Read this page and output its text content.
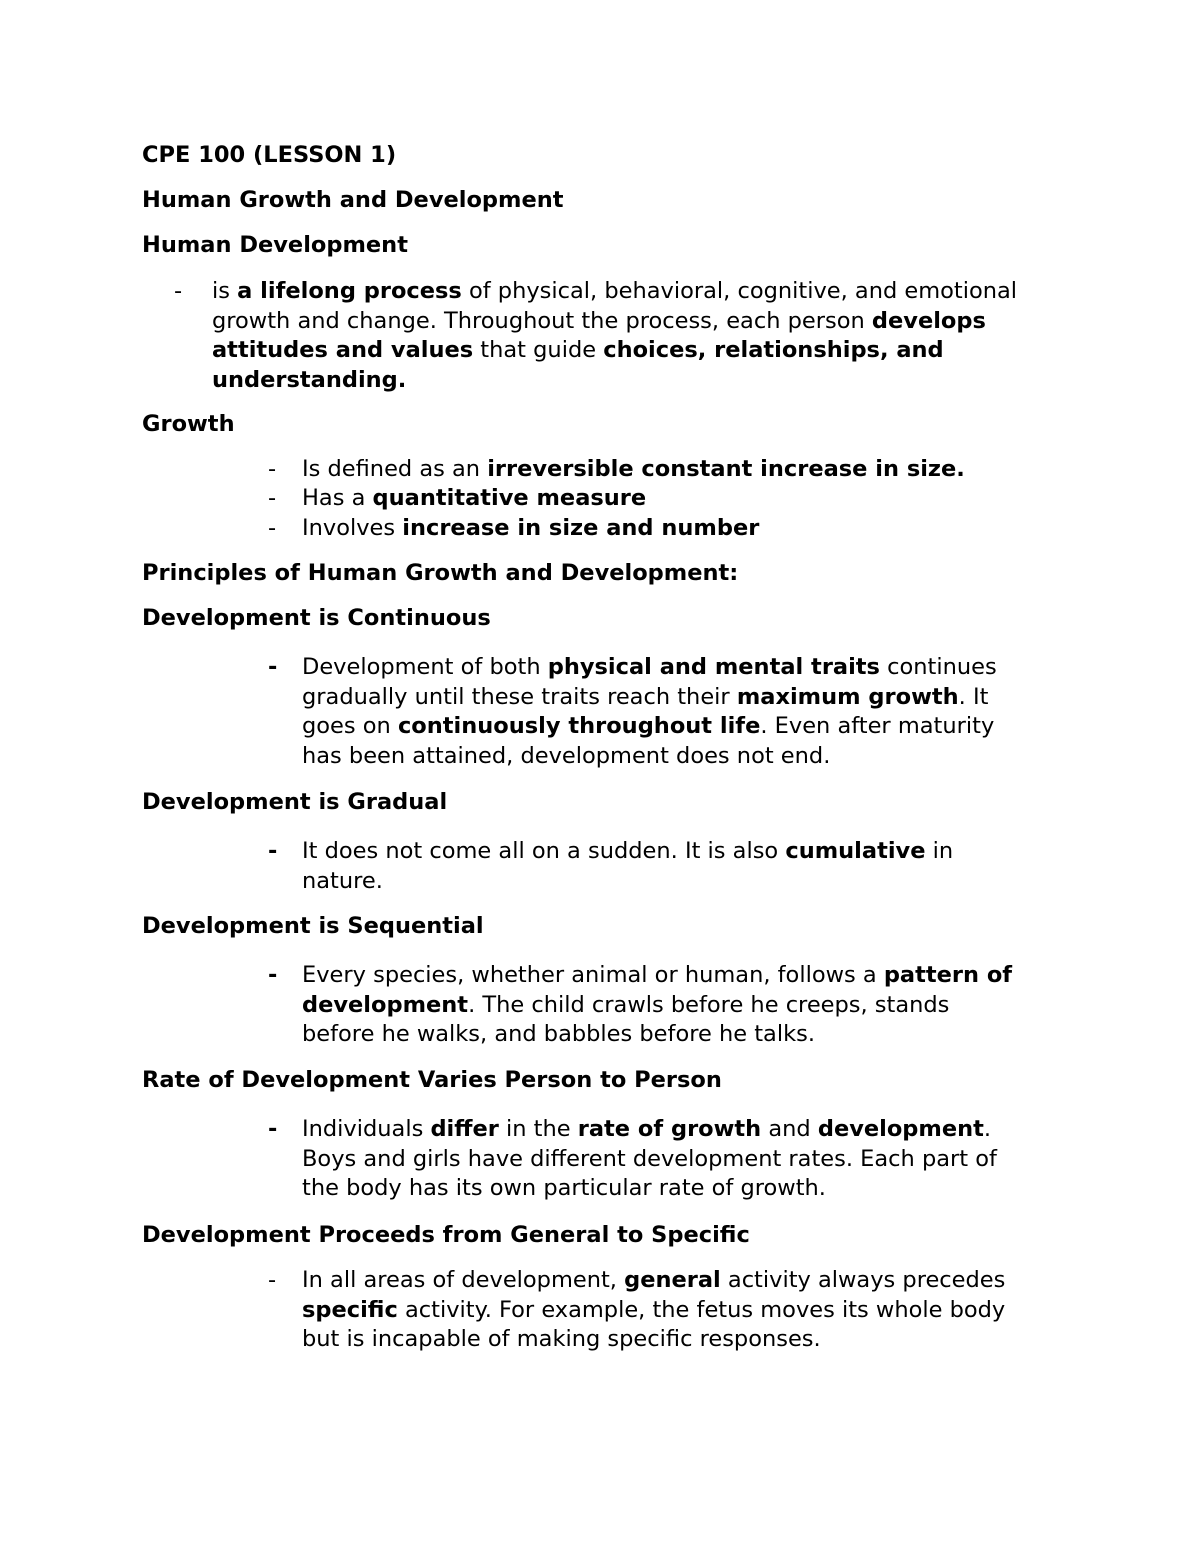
CPE 100 (LESSON 1)
Human Growth and Development
Human Development
- is a lifelong process of physical, behavioral, cognitive, and emotional
growth and change. Throughout the process, each person develops
attitudes and values that guide choices, relationships, and
understanding.
Growth
- Is defined as an irreversible constant increase in size.
- Has a quantitative measure
- Involves increase in size and number
Principles of Human Growth and Development:
Development is Continuous
- Development of both physical and mental traits continues
gradually until these traits reach their maximum growth. It
goes on continuously throughout life. Even after maturity
has been attained, development does not end.
Development is Gradual
- It does not come all on a sudden. It is also cumulative in
nature.
Development is Sequential
- Every species, whether animal or human, follows a pattern of
development. The child crawls before he creeps, stands
before he walks, and babbles before he talks.
Rate of Development Varies Person to Person
- Individuals differ in the rate of growth and development.
Boys and girls have different development rates. Each part of
the body has its own particular rate of growth.
Development Proceeds from General to Specific
- In all areas of development, general activity always precedes
specific activity. For example, the fetus moves its whole body
but is incapable of making specific responses.
